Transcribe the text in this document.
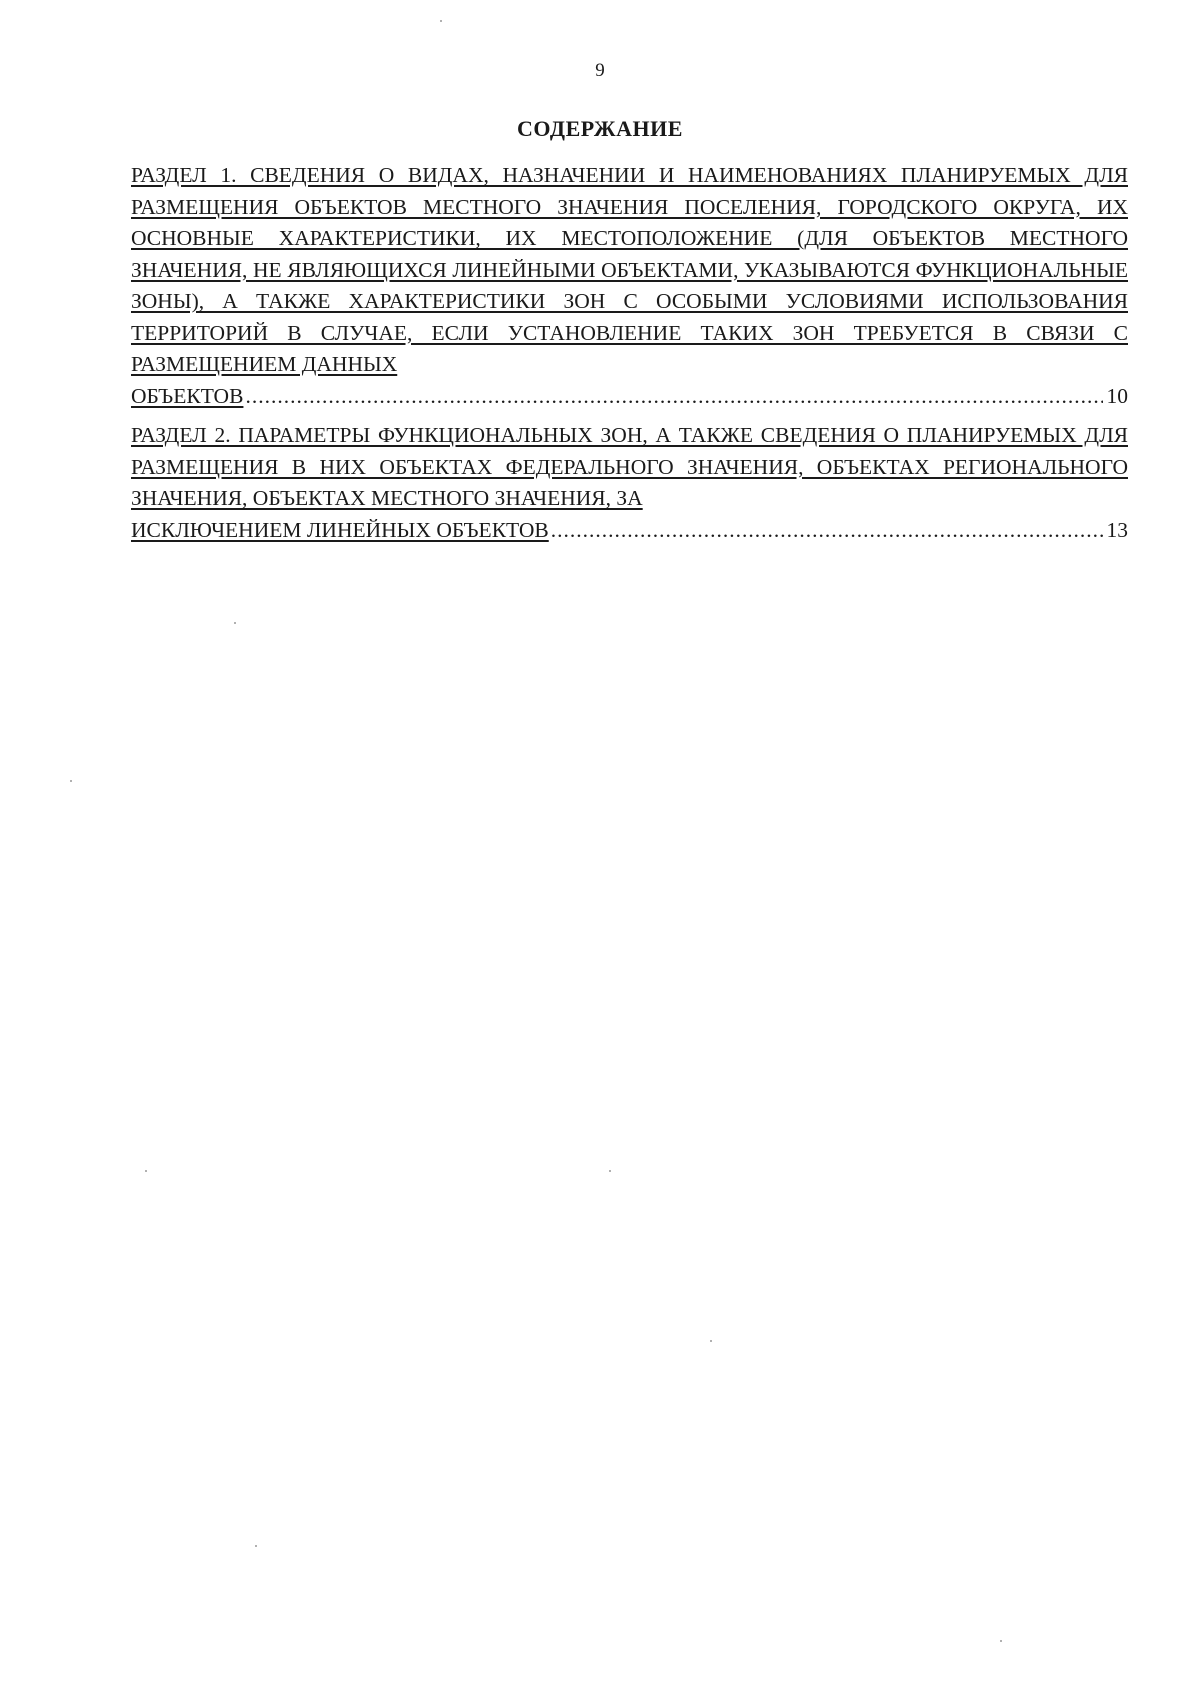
9
СОДЕРЖАНИЕ
РАЗДЕЛ 1. СВЕДЕНИЯ О ВИДАХ, НАЗНАЧЕНИИ И НАИМЕНОВАНИЯХ ПЛАНИРУЕМЫХ ДЛЯ РАЗМЕЩЕНИЯ ОБЪЕКТОВ МЕСТНОГО ЗНАЧЕНИЯ ПОСЕЛЕНИЯ, ГОРОДСКОГО ОКРУГА, ИХ ОСНОВНЫЕ ХАРАКТЕРИСТИКИ, ИХ МЕСТОПОЛОЖЕНИЕ (ДЛЯ ОБЪЕКТОВ МЕСТНОГО ЗНАЧЕНИЯ, НЕ ЯВЛЯЮЩИХСЯ ЛИНЕЙНЫМИ ОБЪЕКТАМИ, УКАЗЫВАЮТСЯ ФУНКЦИОНАЛЬНЫЕ ЗОНЫ), А ТАКЖЕ ХАРАКТЕРИСТИКИ ЗОН С ОСОБЫМИ УСЛОВИЯМИ ИСПОЛЬЗОВАНИЯ ТЕРРИТОРИЙ В СЛУЧАЕ, ЕСЛИ УСТАНОВЛЕНИЕ ТАКИХ ЗОН ТРЕБУЕТСЯ В СВЯЗИ С РАЗМЕЩЕНИЕМ ДАННЫХ
ОБЪЕКТОВ .....	10
РАЗДЕЛ 2. ПАРАМЕТРЫ ФУНКЦИОНАЛЬНЫХ ЗОН, А ТАКЖЕ СВЕДЕНИЯ О ПЛАНИРУЕМЫХ ДЛЯ РАЗМЕЩЕНИЯ В НИХ ОБЪЕКТАХ ФЕДЕРАЛЬНОГО ЗНАЧЕНИЯ, ОБЪЕКТАХ РЕГИОНАЛЬНОГО ЗНАЧЕНИЯ, ОБЪЕКТАХ МЕСТНОГО ЗНАЧЕНИЯ, ЗА
ИСКЛЮЧЕНИЕМ ЛИНЕЙНЫХ ОБЪЕКТОВ .....	13
